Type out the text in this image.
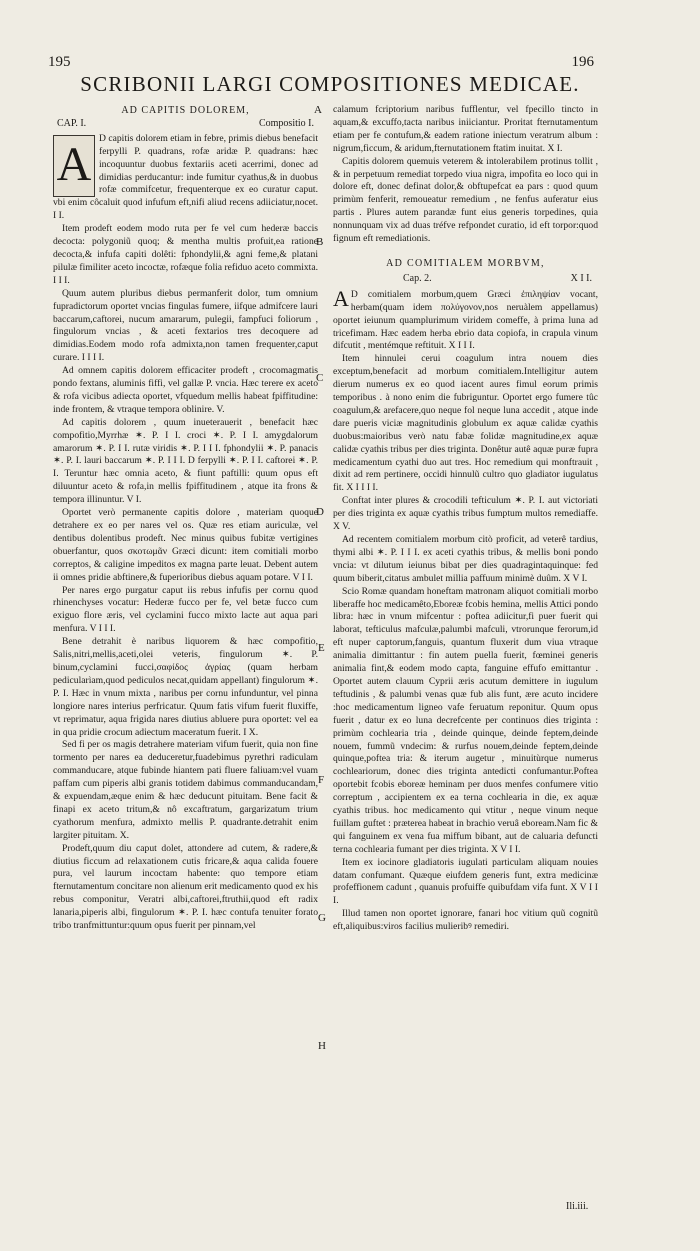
195	196
SCRIBONII LARGI COMPOSITIONES MEDICAE.
A
B
C
D
E
F
G
H
AD CAPITIS DOLOREM,
CAP. I.	Compositio I.
A D capitis dolorem etiam in febre, primis diebus benefacit ferpylli P. quadrans, rofæ aridæ P. quadrans: hæc incoquuntur duobus fextariis aceti acerrimi, donec ad dimidias perducantur: inde fumitur cyathus,& in duobus rofæ commifcetur, frequenterque ex eo curatur caput. vbi enim côcaluit quod infufum eft,nifi aliud recens adiiciatur,nocet. I I.

Item prodeft eodem modo ruta per fe vel cum hederæ baccis decocta: polygoniũ quoq; & mentha multis profuit,ea ratione decocta,& infufa capiti dolêti: fphondylii,& agni feme,& platani pilulæ fimiliter aceto incoctæ, rofæque folia refiduo aceto commixta. I I I.

Quum autem pluribus diebus permanferit dolor, tum omnium fupradictorum oportet vncias fingulas fumere, iifque admifcere lauri baccarum,caftorei, nucum amararum, pulegii, fampfuci foliorum , fingulorum vncias , & aceti fextarios tres decoquere ad dimidias.Eodem modo rofa admixta,non tamen frequenter,caput curare. I I I I.

Ad omnem capitis dolorem efficaciter prodeft , crocomagmatis pondo fextans, aluminis fiffi, vel gallæ P. vncia. Hæc terere ex aceto & rofa vicibus adiecta oportet, vfquedum mellis habeat fpiffitudine: inde frontem, & vtraque tempora oblinire. V.

Ad capitis dolorem , quum inueterauerit , benefacit hæc compofitio,Myrrhæ ✶. P. I I. croci ✶. P. I I. amygdalorum amarorum ✶. P. I I. rutæ viridis ✶. P. I I I. fphondylii ✶. P. panacis ✶. P. I. lauri baccarum ✶. P. I I I. D ferpylli ✶. P. I I. caftorei ✶. P. I. Teruntur hæc omnia aceto, & fiunt paftilli: quum opus eft diluuntur aceto & rofa,in mellis fpiffitudinem , atque ita frons & tempora illinuntur. V I.

Oportet verò permanente capitis dolore , materiam quoque detrahere ex eo per nares vel os. Quæ res etiam auriculæ, vel dentibus dolentibus prodeft. Nec minus quibus fubitæ vertigines obuerfantur, quos σκοτωμᾶν Græci dicunt: item comitiali morbo correptos, & caligine impeditos ex magna parte leuat. Debent autem ii omnes pridie abftinere,& fuperioribus diebus aquam potare. V I I.

Per nares ergo purgatur caput iis rebus infufis per cornu quod rhinenchyses vocatur: Hederæ fucco per fe, vel betæ fucco cum exiguo flore æris, vel cyclamini fucco mixto lacte aut aqua pari menfura. V I I I.

Bene detrahit è naribus liquorem & hæc compofitio, Salis,nitri,mellis,aceti,olei veteris, fingulorum ✶. P. binum,cyclamini fucci,σαφίδος ἀγρίας (quam herbam pedicularìam,quod pediculos necat,quidam appellant) fingulorum ✶. P. I. Hæc in vnum mixta , naribus per cornu infunduntur, vel pinna longiore nares interius perfricatur. Quum fatis vifum fuerit fluxiffe, vt reprimatur, aqua frigida nares diutius abluere pura oportet: vel ea in qua pridie crocum adiectum maceratum fuerit. I X.

Sed fi per os magis detrahere materiam vifum fuerit, quia non fine tormento per nares ea deduceretur,fuadebimus pyrethri radiculam commanducare, atque fubinde hiantem pati fluere faliuam:vel vuam paffam cum piperis albi granis totidem dabimus commanducandam, & expuendam,æque enim & hæc deducunt pituitam. Bene facit & finapi ex aceto tritum,& nô excaftratum, gargarizatum trium cyathorum menfura, admixto mellis P. quadrante.detrahit enim largiter pituitam. X.

Prodeft,quum diu caput dolet, attondere ad cutem, & radere,& diutius ficcum ad relaxationem cutis fricare,& aqua calida fouere pura, vel laurum incoctam habente: quo tempore etiam fternutamentum concitare non alienum erit medicamento quod ex his rebus componitur, Veratri albi,caftorei,ftruthii,quod eft radix lanaria,piperis albi, fingulorum ✶. P. I. hæc contufa tenuiter forato tribo tranfmittuntur:quum opus fuerit per pinnam,vel

calamum fcriptorium naribus fufflentur, vel fpecillo tincto in aquam,& excuffo,tacta naribus iniiciantur. Proritat fternutamentum etiam per fe contufum,& eadem ratione iniectum veratrum album : nigrum,ficcum, & aridum,fternutationem ftatim inuitat. X I.

Capitis dolorem quemuis veterem & intolerabilem protinus tollit , & in perpetuum remediat torpedo viua nigra, impofita eo loco qui in dolore eft, donec definat dolor,& obftupefcat ea pars : quod quum primùm fenferit, remoueatur remedium , ne fenfus auferatur eius partis . Plures autem parandæ funt eius generis torpedines, quia nonnunquam vix ad duas tréfve refpondet curatio, id eft torpor:quod fignum eft remediationis.

AD COMITIALEM MORBVM,
Cap. 2.	X I I.

A D comitialem morbum,quem Græci ἐπιληψίαν vocant, herbam(quam idem πολύγονον,nos neruàlem appellamus) oportet ieiunum quamplurimum viridem comeffe, à prima luna ad tricefimam. Hæc eadem herba ebrio data copiofa, in crapula vinum difcutit , mentémque reftituit. X I I I.

Item hinnulei cerui coagulum intra nouem dies exceptum,benefacit ad morbum comitialem.Intelligitur autem dierum numerus ex eo quod iacent aures fimul eorum primis temporibus . à nono enim die fubriguntur. Oportet ergo fumere tûc coagulum,& arefacere,quo neque fol neque luna accedit , atque inde dare pueris viciæ magnitudinis globulum ex aquæ calidæ cyathis duobus:maioribus verò natu fabæ folidæ magnitudine,ex aquæ calidæ cyathis tribus per dies triginta. Donêtur autê aquæ puræ fupra medicamentum cyathi duo aut tres. Hoc remedium qui monftrauit , dixit ad rem pertinere, occidi hinnulũ cultro quo gladiator iugulatus fit. X I I I I.

Conftat inter plures & crocodili tefticulum ✶. P. I. aut victoriati per dies triginta ex aquæ cyathis tribus fumptum multos remediaffe. X V.

Ad recentem comitialem morbum citò proficit, ad veterê tardius, thymi albi ✶. P. I I I. ex aceti cyathis tribus, & mellis boni pondo vncia: vt dilutum ieiunus bibat per dies quadragintaquinque: fed quum biberit,citatus ambulet millia paffuum minimè duûm. X V I.

Scio Romæ quandam honeftam matronam aliquot comitiali morbo liberaffe hoc medicamêto,Eboreæ fcobis hemina, mellis Attici pondo libra: hæc in vnum mifcentur : poftea adiicitur,fi puer fuerit qui laborat, tefticulus mafculæ,palumbi mafculi, vtrorunque ferorum,id eft nuper captorum,fanguis, quantum fluxerit dum viua vtraque animalia dimittantur : fin autem puella fuerit, fœminei generis animalia fint,& eodem modo capta, fanguine effufo emittantur . Oportet autem clauum Cyprii æris acutum demittere in iugulum teftudinis , & palumbi venas quæ fub alis funt, ære acuto incidere :hoc medicamentum ligneo vafe feruatum reponitur. Quum opus fuerit , datur ex eo luna decrefcente per continuos dies triginta : primùm cochlearia tria , deinde quinque, deinde feptem,deinde nouem, fummũ vndecim: & rurfus nouem,deinde feptem,deinde quinque,poftea tria: & iterum augetur , minuitùrque numerus cochleariorum, donec dies triginta antedicti confumantur.Poftea oportebit fcobis eboreæ heminam per duos menfes confumere vitio correptum , accipientem ex ea terna cochlearia in die, ex aquæ cyathis tribus. hoc medicamento qui vtitur , neque vinum neque fuillam guftet : præterea habeat in brachio veruâ eboream.Nam fic & qui fanguinem ex vena fua miffum bibant, aut de caluaria defuncti terna cochlearia fumant per dies triginta. X V I I.

Item ex iocinore gladiatoris iugulati particulam aliquam nouies datam confumant. Quæque eiufdem generis funt, extra medicinæ profeffionem cadunt , quanuis profuiffe quibufdam vifa funt. X V I I I.

Illud tamen non oportet ignorare, fanari hoc vitium quũ cognitũ eft,aliquibus:viros facilius mulieribꝰ remediri.

Ili.iii.
